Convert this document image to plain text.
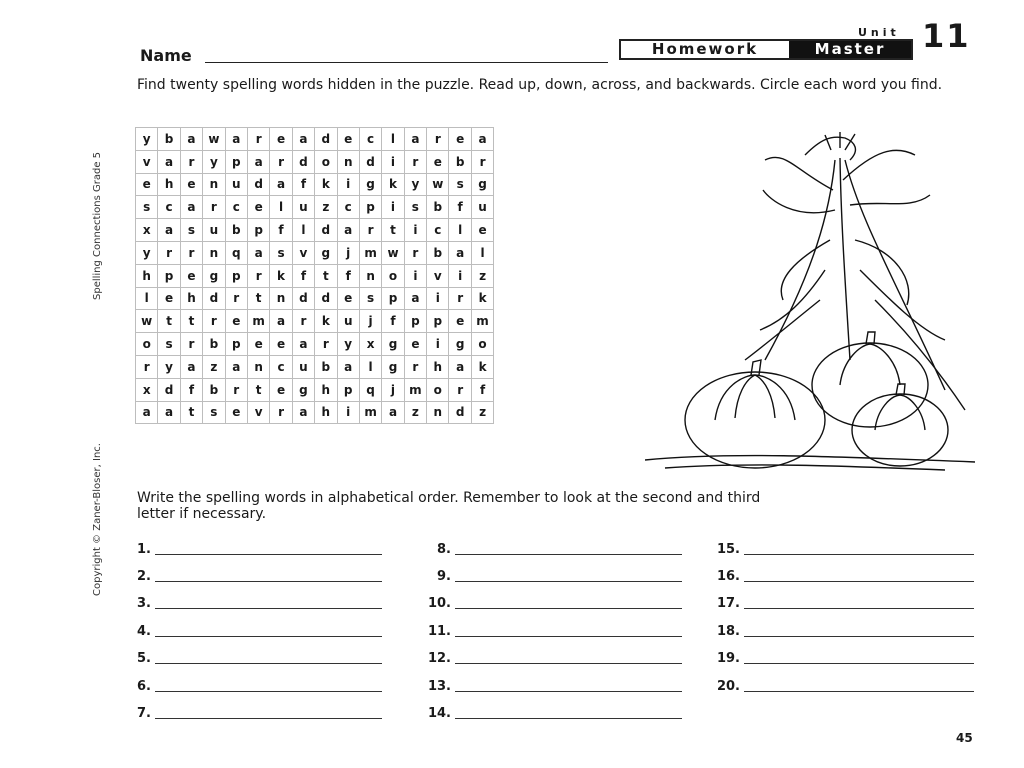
Name
Unit 11
Homework	Master
Find twenty spelling words hidden in the puzzle. Read up, down, across, and backwards. Circle each word you find.
y	b	a	w	a	r	e	a	d	e	c	l	a	r	e	a
v	a	r	y	p	a	r	d	o	n	d	i	r	e	b	r
e	h	e	n	u	d	a	f	k	i	g	k	y	w	s	g
s	c	a	r	c	e	l	u	z	c	p	i	s	b	f	u
x	a	s	u	b	p	f	l	d	a	r	t	i	c	l	e
y	r	r	n	q	a	s	v	g	j	m	w	r	b	a	l
h	p	e	g	p	r	k	f	t	f	n	o	i	v	i	z
l	e	h	d	r	t	n	d	d	e	s	p	a	i	r	k
w	t	t	r	e	m	a	r	k	u	j	f	p	p	e	m
o	s	r	b	p	e	e	a	r	y	x	g	e	i	g	o
r	y	a	z	a	n	c	u	b	a	l	g	r	h	a	k
x	d	f	b	r	t	e	g	h	p	q	j	m	o	r	f
a	a	t	s	e	v	r	a	h	i	m	a	z	n	d	z
Write the spelling words in alphabetical order. Remember to look at the second and third letter if necessary.
1.
2.
3.
4.
5.
6.
7.
8.
9.
10.
11.
12.
13.
14.
15.
16.
17.
18.
19.
20.
Spelling Connections Grade 5
Copyright © Zaner-Bloser, Inc.
45
